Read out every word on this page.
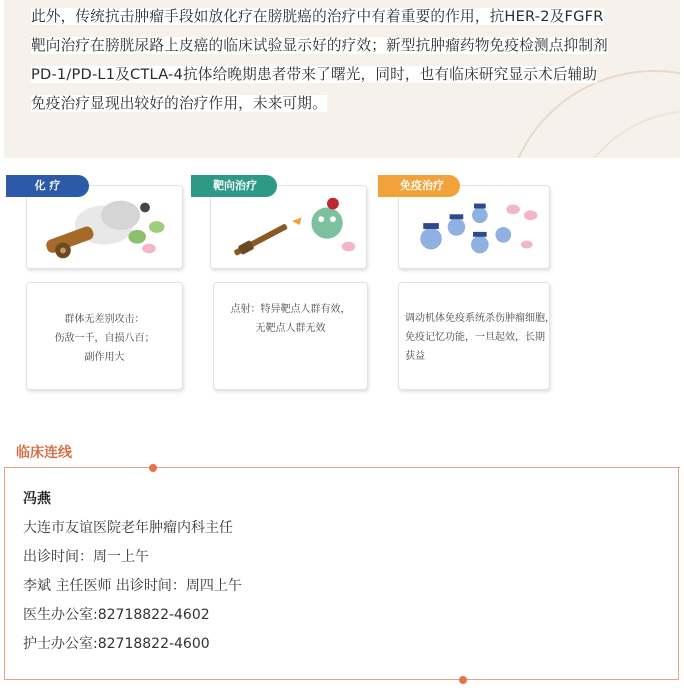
此外，传统抗击肿瘤手段如放化疗在膀胱癌的治疗中有着重要的作用，抗HER-2及FGFR
靶向治疗在膀胱尿路上皮癌的临床试验显示好的疗效；新型抗肿瘤药物免疫检测点抑制剂
PD-1/PD-L1及CTLA-4抗体给晚期患者带来了曙光，同时，也有临床研究显示术后辅助
免疫治疗显现出较好的治疗作用，未来可期。
化 疗
群体无差别攻击：
伤敌一千，自损八百；
副作用大
靶向治疗
点射：特异靶点人群有效，
无靶点人群无效
免疫治疗
调动机体免疫系统杀伤肿瘤细胞，
免疫记忆功能，一旦起效，长期
获益
临床连线
冯燕
大连市友谊医院老年肿瘤内科主任
出诊时间：周一上午
李斌 主任医师 出诊时间：周四上午
医生办公室:82718822-4602
护士办公室:82718822-4600
